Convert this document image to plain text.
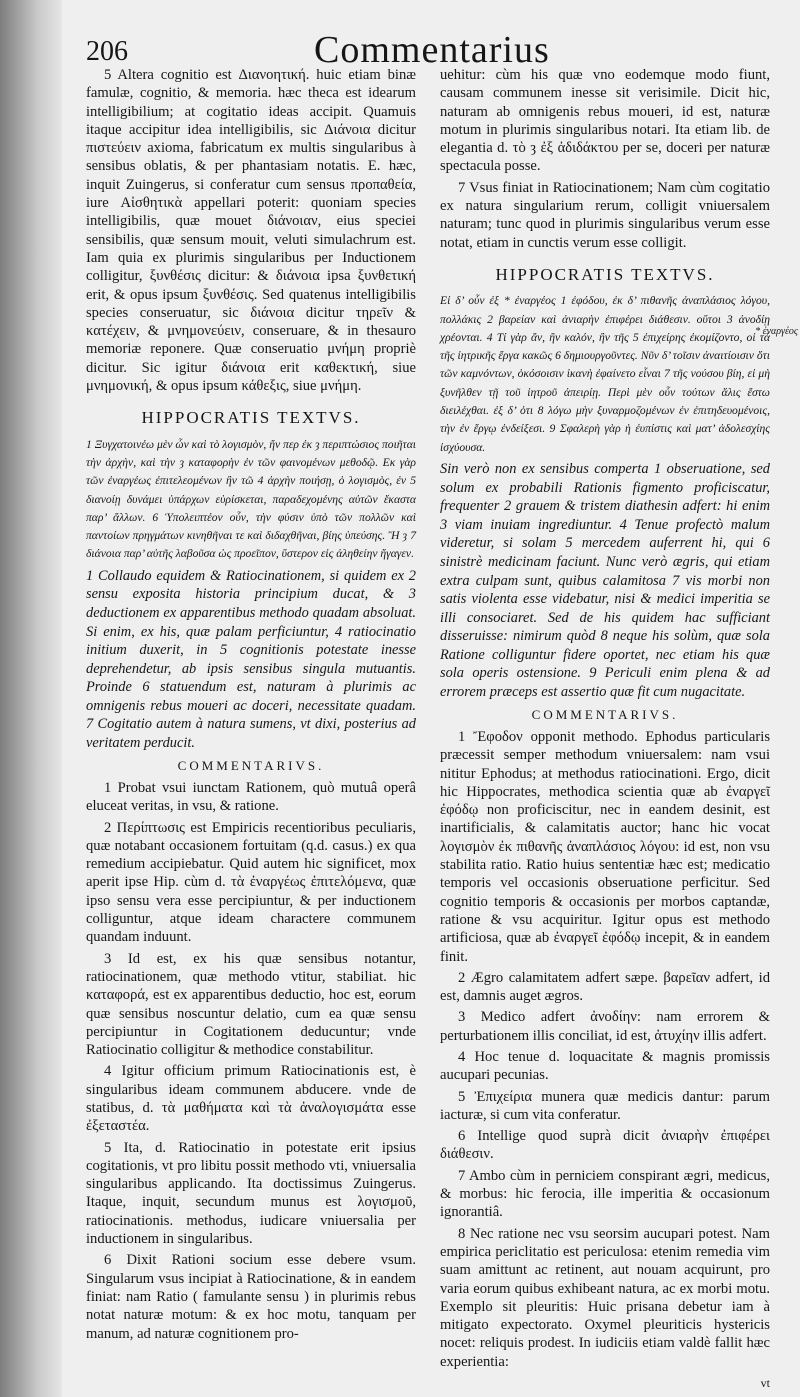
206	Commentarius

5 Altera cognitio est Διανοητική. huic etiam binæ famulæ, cognitio, & memoria. hæc theca est idearum intelligibilium; at cogitatio ideas accipit. Quamuis itaque accipitur idea intelligibilis, sic Διάνοια dicitur πιστεύειν axioma, fabricatum ex multis singularibus à sensibus oblatis, & per phantasiam notatis. E. hæc, inquit Zuingerus, si conferatur cum sensus προπαθεία, iure Αἰσθητικὰ appellari poterit: quoniam species intelligibilis, quæ mouet διάνοιαν, eius speciei sensibilis, quæ sensum mouit, veluti simulachrum est. Iam quia ex plurimis singularibus per Inductionem colligitur, ξυνθέσις dicitur: & διάνοια ipsa ξυνθετική erit, & opus ipsum ξυνθέσις. Sed quatenus intelligibilis species conseruatur, sic διάνοια dicitur τηρεῖν & κατέχειν, & μνημονεύειν, conseruare, & in thesauro memoriæ reponere. Quæ conseruatio μνήμη propriè dicitur. Sic igitur διάνοια erit καθεκτική, siue μνημονική, & opus ipsum κάθεξις, siue μνήμη.

HIPPOCRATIS TEXTVS.

1 Ξυγχατοινέω μὲν ὦν καὶ τὸ λογισμὸν, ἤν περ ἐκ ȝ περιπτώσιος ποιῆται τὴν ἀρχὴν, καὶ τὴν ȝ καταφορὴν ἐν τῶν φαινομένων μεθοδῷ. Εκ γὰρ τῶν ἐναργέως ἐπιτελεομένων ἢν τῶ 4 ἀρχὴν ποιήσῃ, ὁ λογισμὸς, ἐν 5 διανοίῃ δυνάμει ὑπάρχων εὑρίσκεται, παραδεχομένης αὐτῶν ἕκαστα παρ’ ἄλλων. 6 Ὑπολειπτέον οὖν, τὴν φύσιν ὑπὸ τῶν πολλῶν καὶ παντοίων πρηγμάτων κινηθῆναι τε καὶ διδαχθῆναι, βίης ὑπεύσης. Ἢ ȝ 7 διάνοια παρ’ αὐτῆς λαβοῦσα ὡς προεῖπον, ὕστερον εἰς ἀληθείην ἤγαγεν.

1 Collaudo equidem & Ratiocinationem, si quidem ex 2 sensu exposita historia principium ducat, & 3 deductionem ex apparentibus methodo quadam absoluat. Si enim, ex his, quæ palam perficiuntur, 4 ratiocinatio initium duxerit, in 5 cognitionis potestate inesse deprehendetur, ab ipsis sensibus singula mutuantis. Proinde 6 statuendum est, naturam à plurimis ac omnigenis rebus moueri ac doceri, necessitate quadam. 7 Cogitatio autem à natura sumens, vt dixi, posterius ad veritatem perducit.

COMMENTARIVS.

1 Probat vsui iunctam Rationem, quò mutuâ operâ eluceat veritas, in vsu, & ratione.

2 Περίπτωσις est Empiricis recentioribus peculiaris, quæ notabant occasionem fortuitam (q.d. casus.) ex qua remedium accipiebatur. Quid autem hic significet, mox aperit ipse Hip. cùm d. τὰ ἐναργέως ἐπιτελόμενα, quæ ipso sensu vera esse percipiuntur, & per inductionem colliguntur, atque ideam characterе communem quandam induunt.

3 Id est, ex his quæ sensibus notantur, ratiocinationem, quæ methodo vtitur, stabiliat. hic καταφορά, est ex apparentibus deductio, hoc est, eorum quæ sensibus noscuntur delatio, cum ea quæ sensu percipiuntur in Cogitationem deducuntur; vnde Ratiocinatio colligitur & methodice constabilitur.

4 Igitur officium primum Ratiocinationis est, è singularibus ideam communem abducere. vnde de statibus, d. τὰ μαθήματα καὶ τὰ ἀναλογισμάτα esse ἐξεταστέα.

5 Ita, d. Ratiocinatio in potestate erit ipsius cogitationis, vt pro libitu possit methodo vti, vniuersalia singularibus applicando. Ita doctissimus Zuingerus. Itaque, inquit, secundum munus est λογισμοῦ, ratiocinationis. methodus, iudicare vniuersalia per inductionem in singularibus.

6 Dixit Rationi socium esse debere vsum. Singularum vsus incipiat à Ratiocinatione, & in eandem finiat: nam Ratio ( famulante sensu ) in plurimis rebus notat naturæ motum: & ex hoc motu, tanquam per manum, ad naturæ cognitionem pro-

uehitur: cùm his quæ vno eodemque modo fiunt, causam communem inesse sit verisimile. Dicit hic, naturam ab omnigenis rebus moueri, id est, naturæ motum in plurimis singularibus notari. Ita etiam lib. de elegantia d. τὸ ȝ ἐξ ἀδιδάκτου per se, doceri per naturæ spectacula posse.

7 Vsus finiat in Ratiocinationem; Nam cùm cogitatio ex natura singularium rerum, colligit vniuersalem naturam; tunc quod in plurimis singularibus verum esse notat, etiam in cunctis verum esse colligit.

HIPPOCRATIS TEXTVS.

Εἰ δ’ οὖν ἐξ * ἐναργέος 1 ἐφόδου, ἐκ δ’ πιθανῆς ἀναπλάσιος λόγου, πολλάκις 2 βαρείαν καὶ ἀνιαρὴν ἐπιφέρει διάθεσιν. οὕτοι 3 ἀνοδίῃ χρέονται. 4 Τί γὰρ ἄν, ἢν καλόν, ἢν τῆς 5 ἐπιχείρης ἐκομίζοντο, οἱ τὰ τῆς ἰητρικῆς ἔργα κακῶς 6 δημιουργοῦντες. Νῦν δ’ τοῖσιν ἀναιτίοισιν ὅτι τῶν καμνόντων, ὁκόσοισιν ἱκανὴ ἐφαίνετο εἶναι 7 τῆς νούσου βίη, εἰ μὴ ξυνῆλθεν τῇ τοῦ ἰητροῦ ἀπειρίῃ. Περὶ μὲν οὖν τούτων ἅλις ἔστω διειλέχθαι. ἐξ δ’ ὁτι 8 λόγω μὴν ξυναρμοζομένων ἐν ἐπιτηδευομένοις, τὴν ἐν ἔργῳ ἐνδείξεσι. 9 Σφαλερὴ γὰρ ἡ ἐυπίστις καὶ ματ’ ἀδολεσχίης ἰσχύουσα.

Sin verò non ex sensibus comperta 1 obseruatione, sed solum ex probabili Rationis figmento proficiscatur, frequenter 2 grauem & tristem diathesin adfert: hi enim 3 viam inuiam ingrediuntur. 4 Tenue profectò malum videretur, si solam 5 mercedem auferrent hi, qui 6 sinistrè medicinam faciunt. Nunc verò ægris, qui etiam extra culpam sunt, quibus calamitosa 7 vis morbi non satis violenta esse videbatur, nisi & medici imperitia se illi consociaret. Sed de his quidem hac sufficiant disseruisse: nimirum quòd 8 neque his solùm, quæ sola Ratione colliguntur fidere oportet, nec etiam his quæ sola operis ostensione. 9 Periculi enim plena & ad errorem præceps est assertio quæ fit cum nugacitate.

COMMENTARIVS.

1 Ἔφοδον opponit methodo. Ephodus particularis præcessit semper methodum vniuersalem: nam vsui nititur Ephodus; at methodus ratiocinationi. Ergo, dicit hic Hippocrates, methodica scientia quæ ab ἐναργεῖ ἐφόδῳ non proficiscitur, nec in eandem desinit, est inartificialis, & calamitatis auctor; hanc hic vocat λογισμὸν ἐκ πιθανῆς ἀναπλάσιος λόγου: id est, non vsu stabilita ratio. Ratio huius sententiæ hæc est; medicatio temporis vel occasionis obseruatione perficitur. Sed cognitio temporis & occasionis per morbos captandæ, ratione & vsu acquiritur. Igitur opus est methodo artificiosa, quæ ab ἐναργεῖ ἐφόδῳ incepit, & in eandem finit.

2 Ægro calamitatem adfert sæpe. βαρεῖαν adfert, id est, damnis auget ægros.

3 Medico adfert ἀνοδίην: nam errorem & perturbationem illis conciliat, id est, ἀτυχίην illis adfert.

4 Hoc tenue d. loquacitate & magnis promissis aucupari pecunias.

5 Ἐπιχείρια munera quæ medicis dantur: parum iacturæ, si cum vita conferatur.

6 Intellige quod suprà dicit ἀνιαρὴν ἐπιφέρει διάθεσιν.

7 Ambo cùm in perniciem conspirant ægri, medicus, & morbus: hic ferocia, ille imperitia & occasionum ignorantiâ.

8 Nec ratione nec vsu seorsim aucupari potest. Nam empirica periclitatio est periculosa: etenim remedia vim suam amittunt ac retinent, aut nouam acquirunt, pro varia eorum quibus exhibeant natura, ac ex morbi motu. Exemplo sit pleuritis: Huic prisana debetur iam à mitigato expectorato. Oxymel pleuriticis hystericis nocet: reliquis prodest. In iudiciis etiam valdè fallit hæc experientia:

vt
* ἐναργέος
